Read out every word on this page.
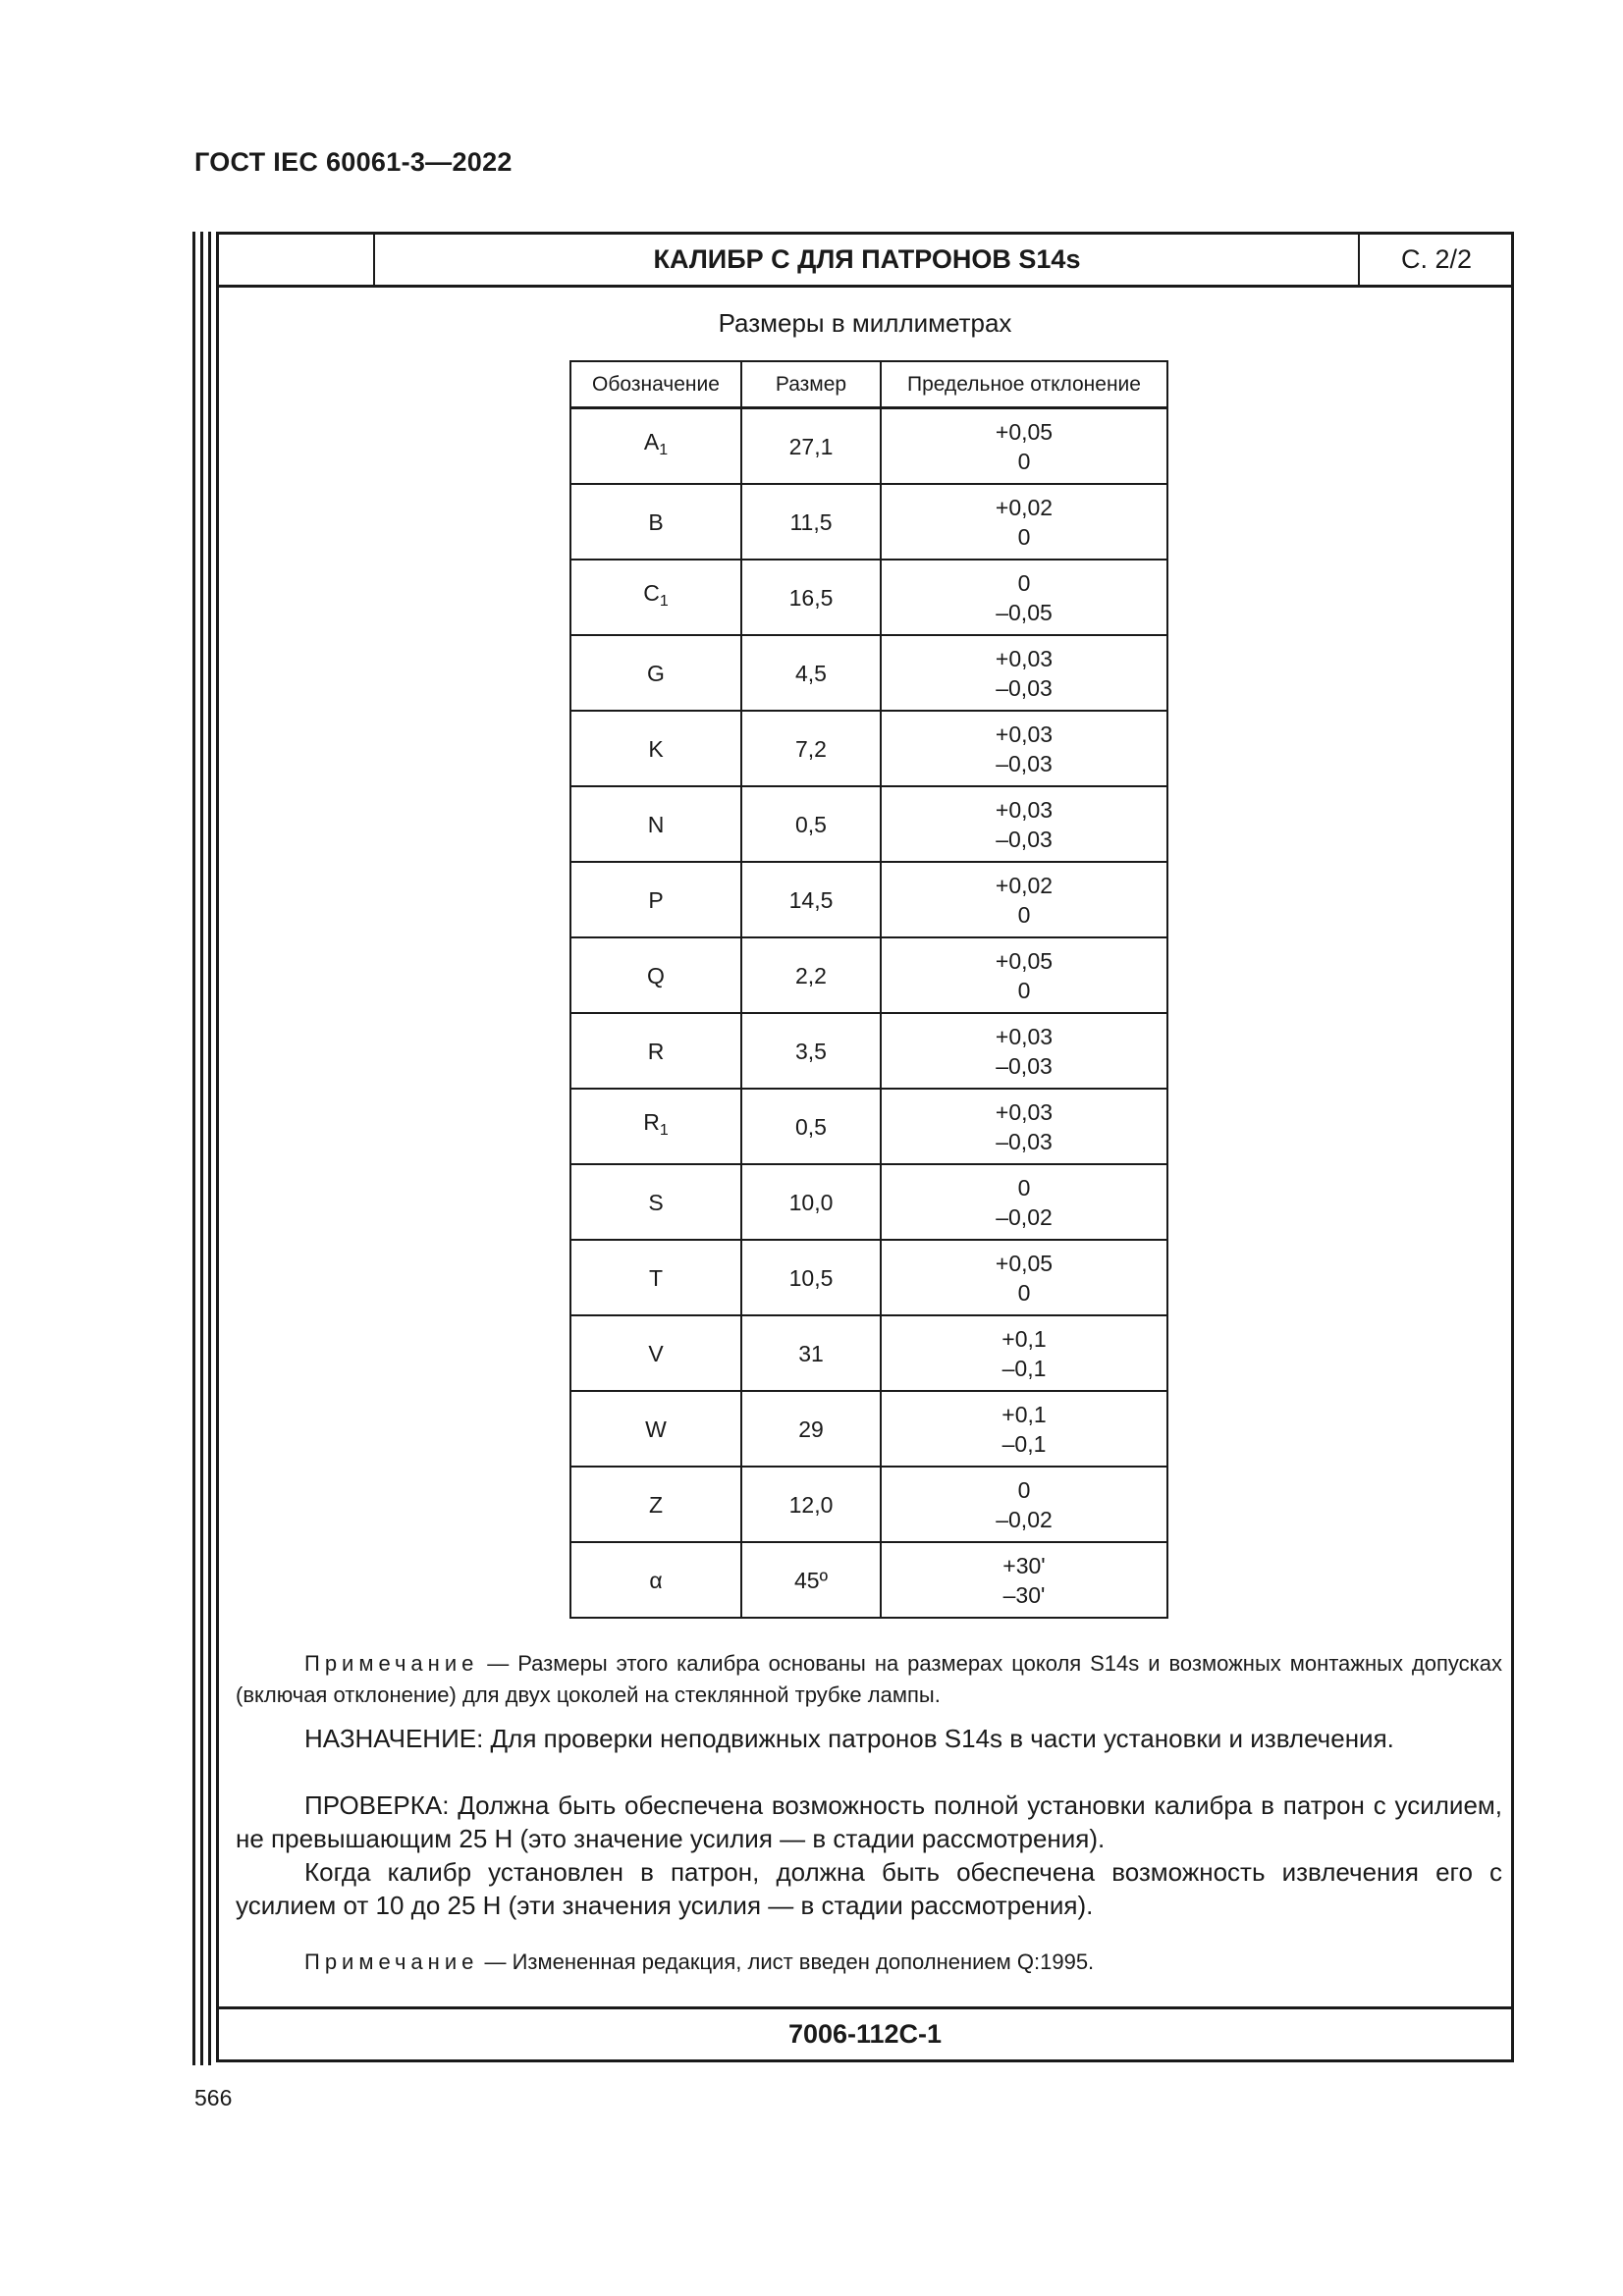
ГОСТ IEC 60061-3—2022
КАЛИБР С ДЛЯ ПАТРОНОВ S14s	С. 2/2
Размеры в миллиметрах
Обозначение	Размер	Предельное отклонение
$A_1$	27,1	+0,05
0

B	11,5	+0,02
0

$C_1$	16,5	0
–0,05

G	4,5	+0,03
–0,03

K	7,2	+0,03
–0,03

N	0,5	+0,03
–0,03

P	14,5	+0,02
0

Q	2,2	+0,05
0

R	3,5	+0,03
–0,03

$R_1$	0,5	+0,03
–0,03

S	10,0	0
–0,02

T	10,5	+0,05
0

V	31	+0,1
–0,1

W	29	+0,1
–0,1

Z	12,0	0
–0,02

α	45º	+30'
–30'
Примечание — Размеры этого калибра основаны на размерах цоколя S14s и возможных монтажных допусках (включая отклонение) для двух цоколей на стеклянной трубке лампы.
НАЗНАЧЕНИЕ: Для проверки неподвижных патронов S14s в части установки и извлечения.

ПРОВЕРКА: Должна быть обеспечена возможность полной установки калибра в патрон с усилием, не превышающим 25 Н (это значение усилия — в стадии рассмотрения).

Когда калибр установлен в патрон, должна быть обеспечена возможность извлечения его с усилием от 10 до 25 Н (эти значения усилия — в стадии рассмотрения).

Примечание — Измененная редакция, лист введен дополнением Q:1995.
7006-112C-1
566
